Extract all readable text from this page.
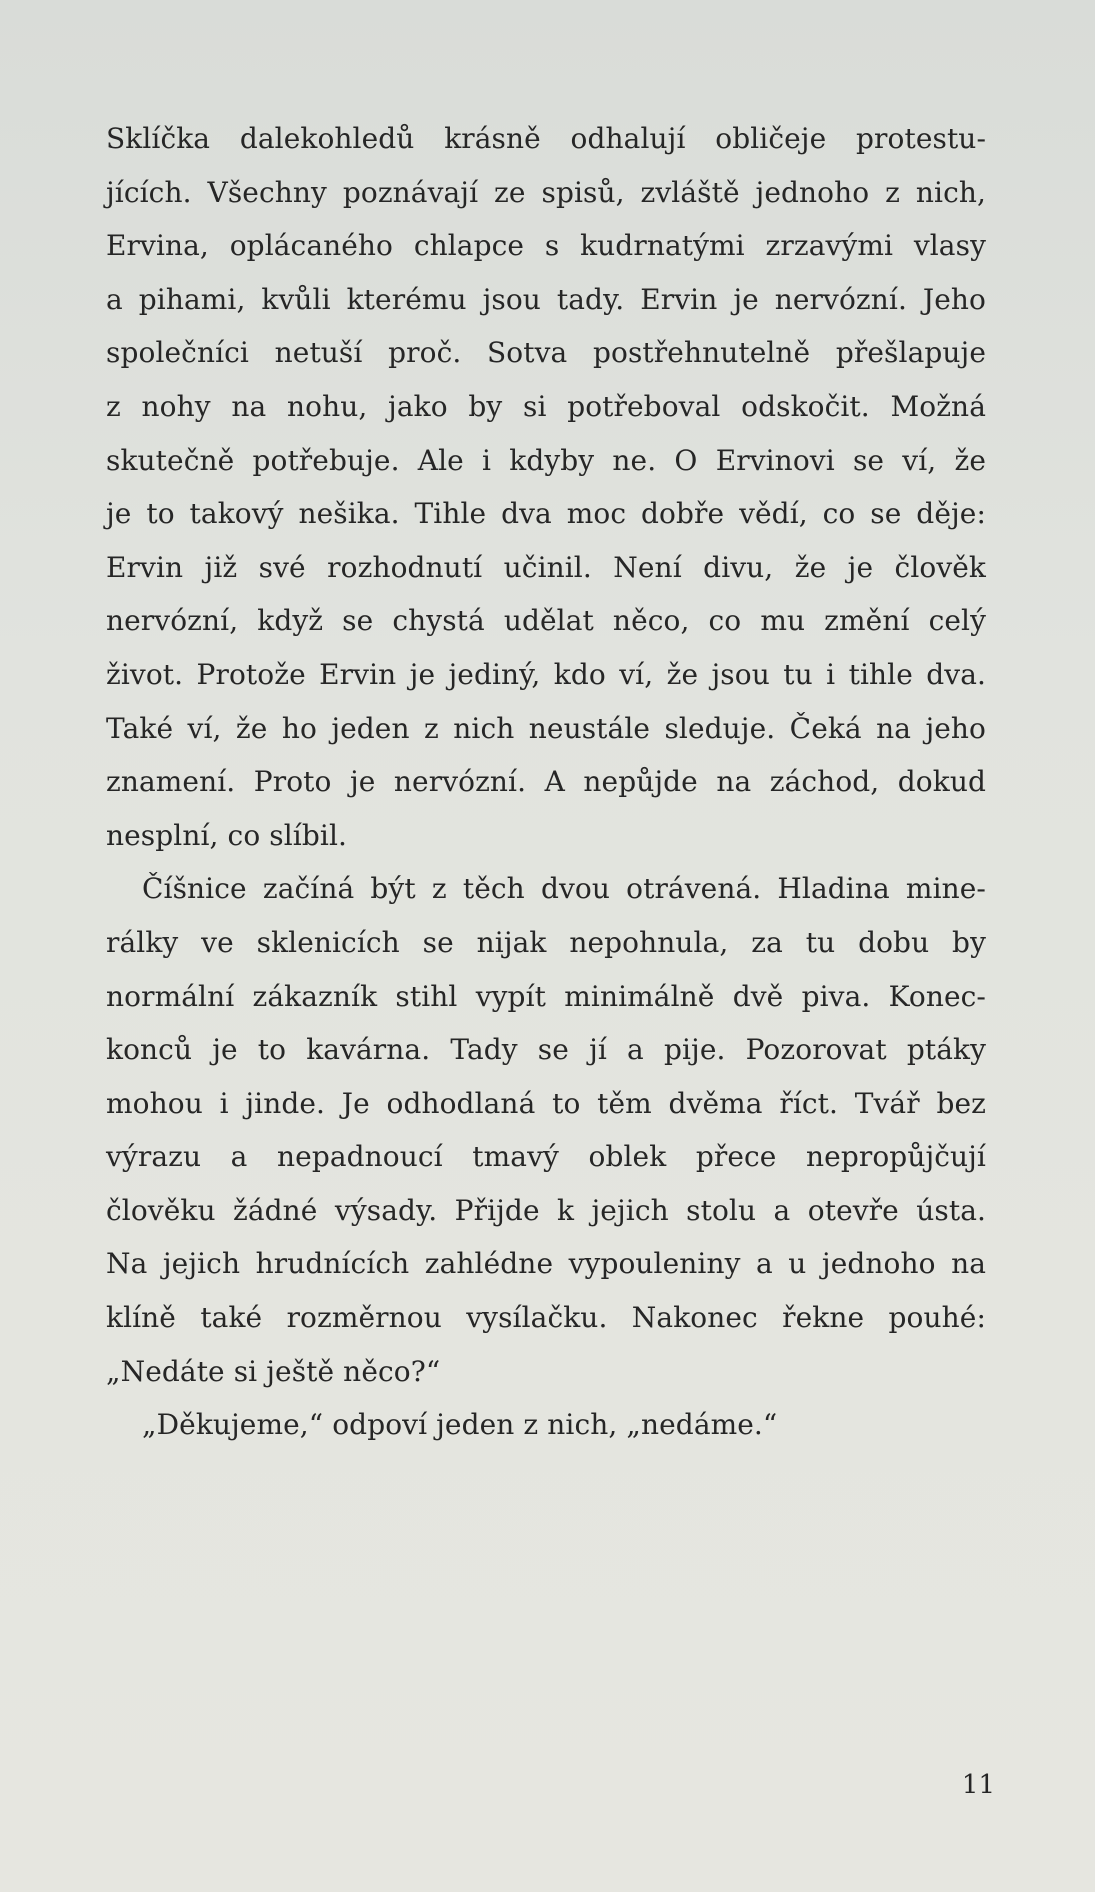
Sklíčka dalekohledů krásně odhalují obličeje protestu-
jících. Všechny poznávají ze spisů, zvláště jednoho z nich,
Ervina, oplácaného chlapce s kudrnatými zrzavými vlasy
a pihami, kvůli kterému jsou tady. Ervin je nervózní. Jeho
společníci netuší proč. Sotva postřehnutelně přešlapuje
z nohy na nohu, jako by si potřeboval odskočit. Možná
skutečně potřebuje. Ale i kdyby ne. O Ervinovi se ví, že
je to takový nešika. Tihle dva moc dobře vědí, co se děje:
Ervin již své rozhodnutí učinil. Není divu, že je člověk
nervózní, když se chystá udělat něco, co mu změní celý
život. Protože Ervin je jediný, kdo ví, že jsou tu i tihle dva.
Také ví, že ho jeden z nich neustále sleduje. Čeká na jeho
znamení. Proto je nervózní. A nepůjde na záchod, dokud
nesplní, co slíbil.
Číšnice začíná být z těch dvou otrávená. Hladina mine-
rálky ve sklenicích se nijak nepohnula, za tu dobu by
normální zákazník stihl vypít minimálně dvě piva. Konec-
konců je to kavárna. Tady se jí a pije. Pozorovat ptáky
mohou i jinde. Je odhodlaná to těm dvěma říct. Tvář bez
výrazu a nepadnoucí tmavý oblek přece nepropůjčují
člověku žádné výsady. Přijde k jejich stolu a otevře ústa.
Na jejich hrudnících zahlédne vypouleniny a u jednoho na
klíně také rozměrnou vysílačku. Nakonec řekne pouhé:
„Nedáte si ještě něco?“
„Děkujeme,“ odpoví jeden z nich, „nedáme.“
11
